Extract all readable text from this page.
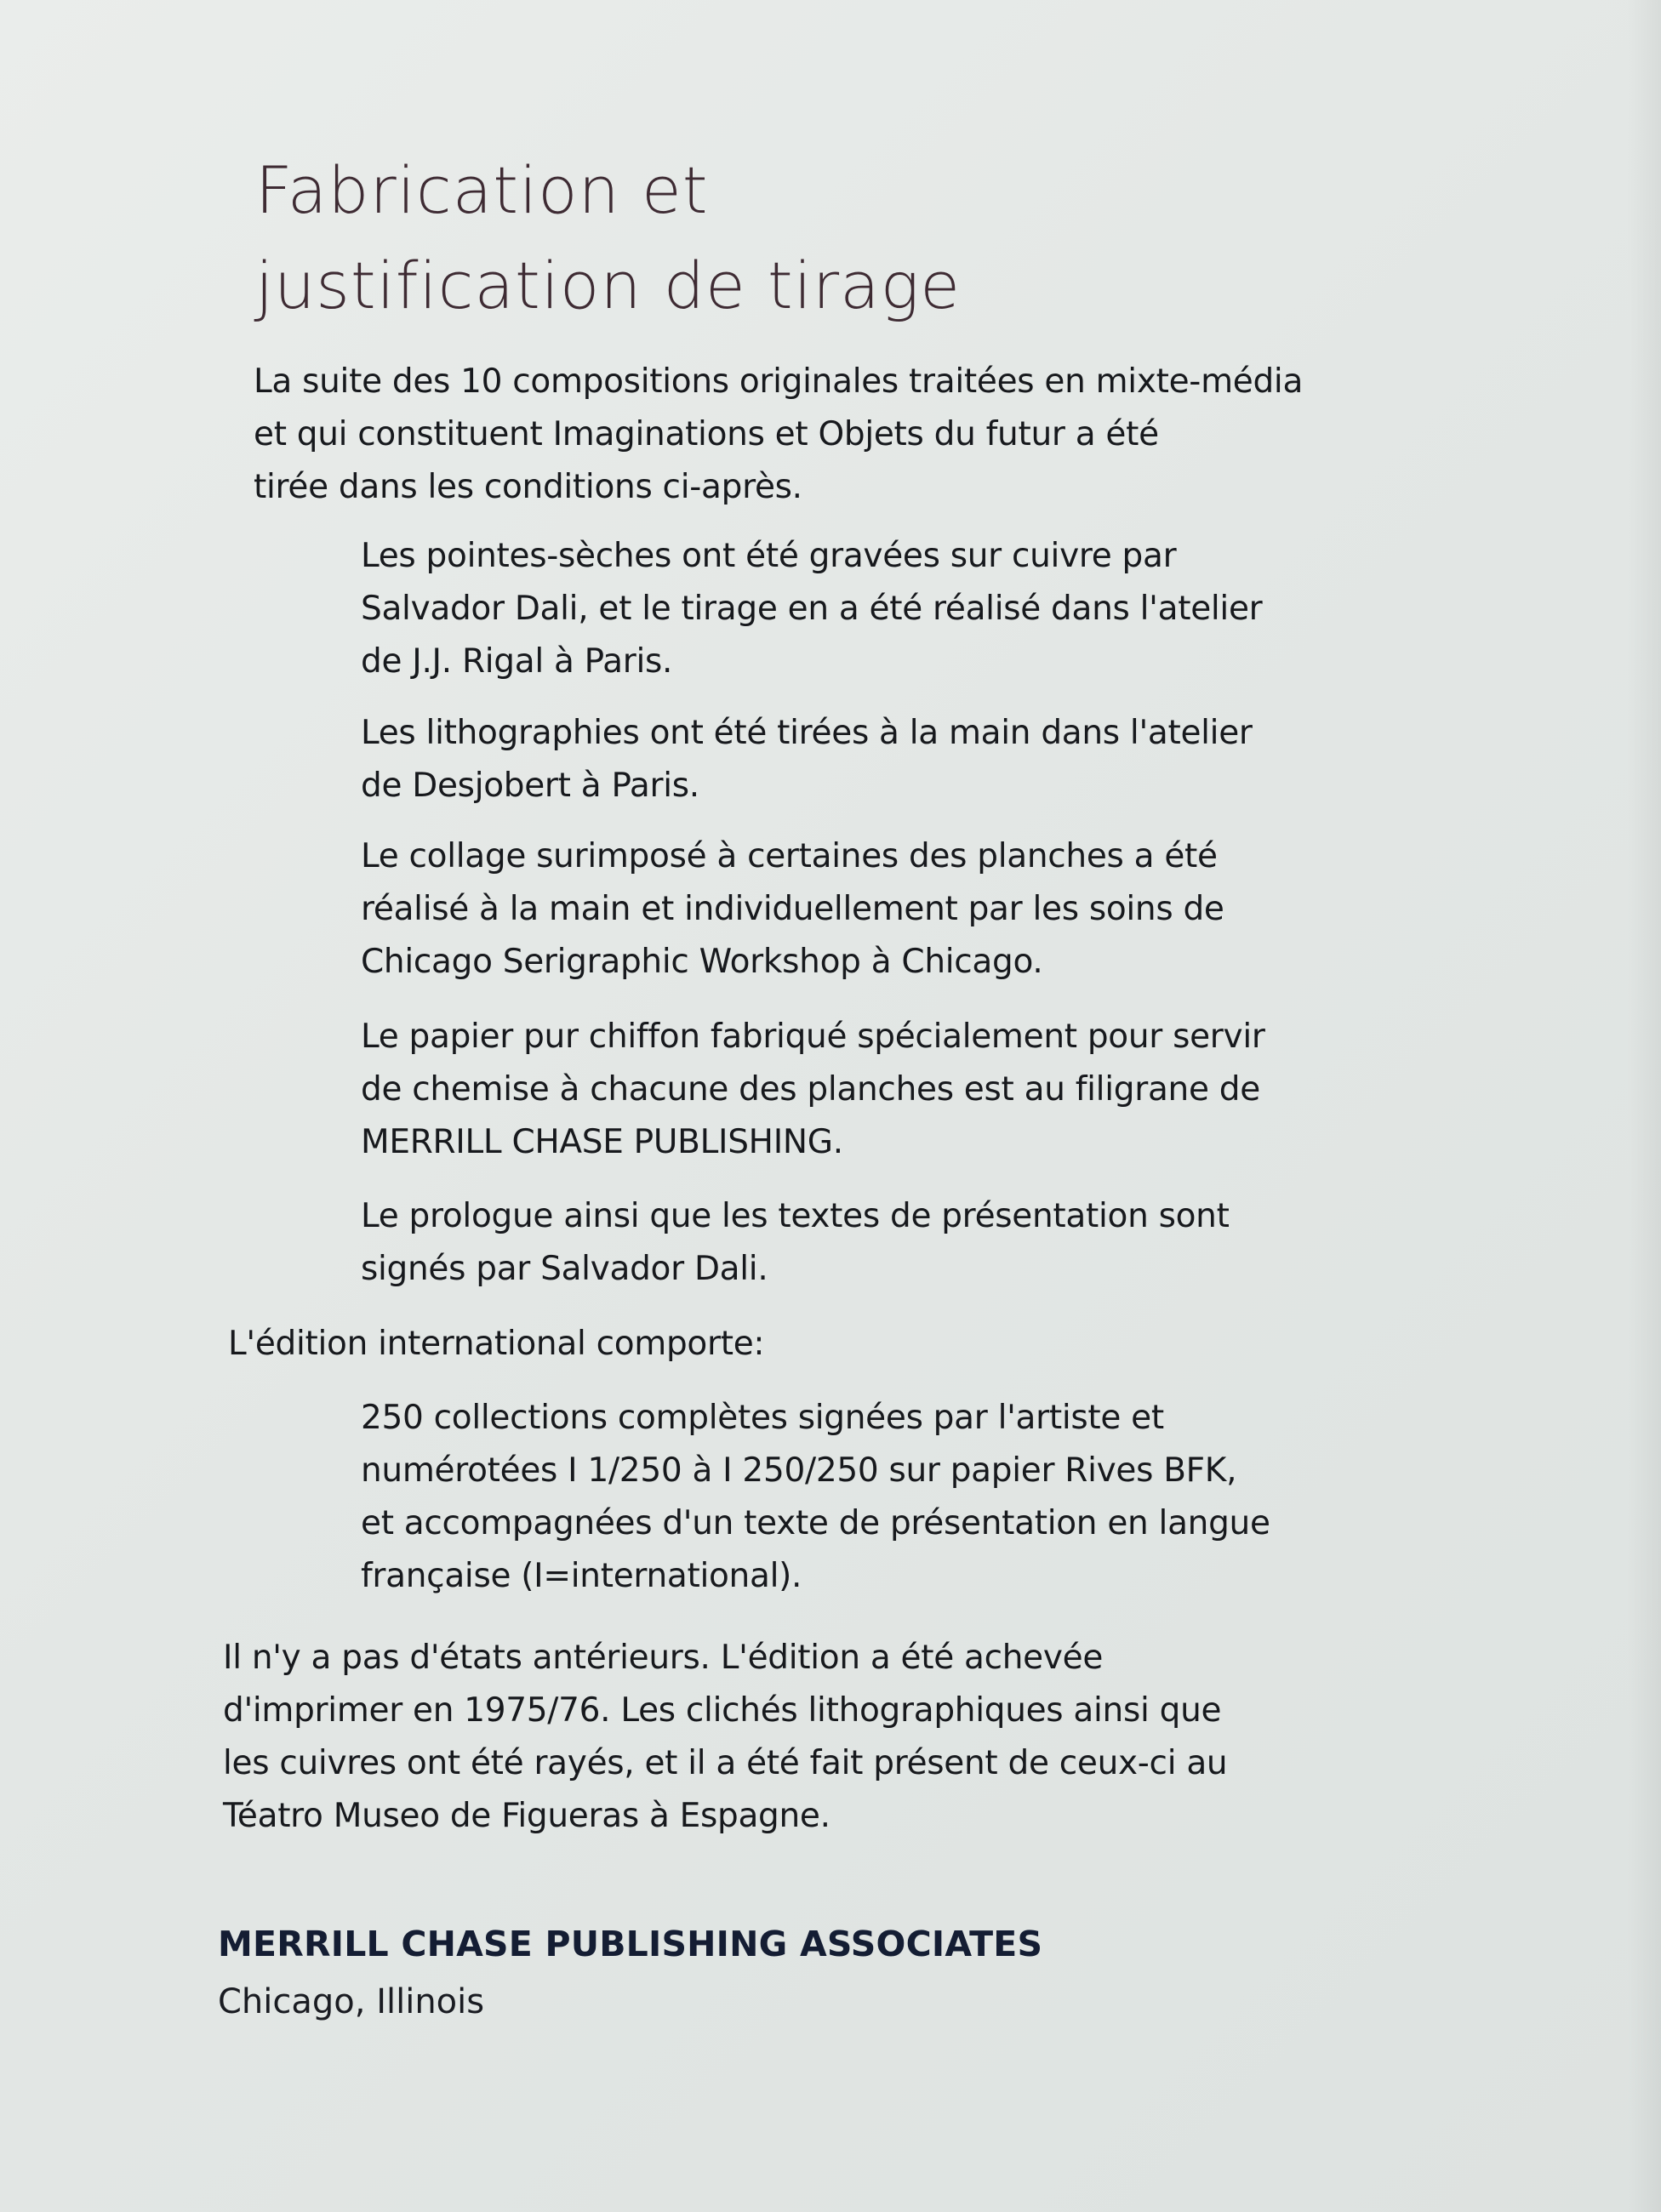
Fabrication et
justification de tirage

La suite des 10 compositions originales traitées en mixte-média
et qui constituent Imaginations et Objets du futur a été
tirée dans les conditions ci-après.

Les pointes-sèches ont été gravées sur cuivre par
Salvador Dali, et le tirage en a été réalisé dans l'atelier
de J.J. Rigal à Paris.

Les lithographies ont été tirées à la main dans l'atelier
de Desjobert à Paris.

Le collage surimposé à certaines des planches a été
réalisé à la main et individuellement par les soins de
Chicago Serigraphic Workshop à Chicago.

Le papier pur chiffon fabriqué spécialement pour servir
de chemise à chacune des planches est au filigrane de
MERRILL CHASE PUBLISHING.

Le prologue ainsi que les textes de présentation sont
signés par Salvador Dali.

L'édition international comporte:

250 collections complètes signées par l'artiste et
numérotées I 1/250 à I 250/250 sur papier Rives BFK,
et accompagnées d'un texte de présentation en langue
française (I=international).

Il n'y a pas d'états antérieurs. L'édition a été achevée
d'imprimer en 1975/76. Les clichés lithographiques ainsi que
les cuivres ont été rayés, et il a été fait présent de ceux-ci au
Téatro Museo de Figueras à Espagne.

MERRILL CHASE PUBLISHING ASSOCIATES

Chicago, Illinois
